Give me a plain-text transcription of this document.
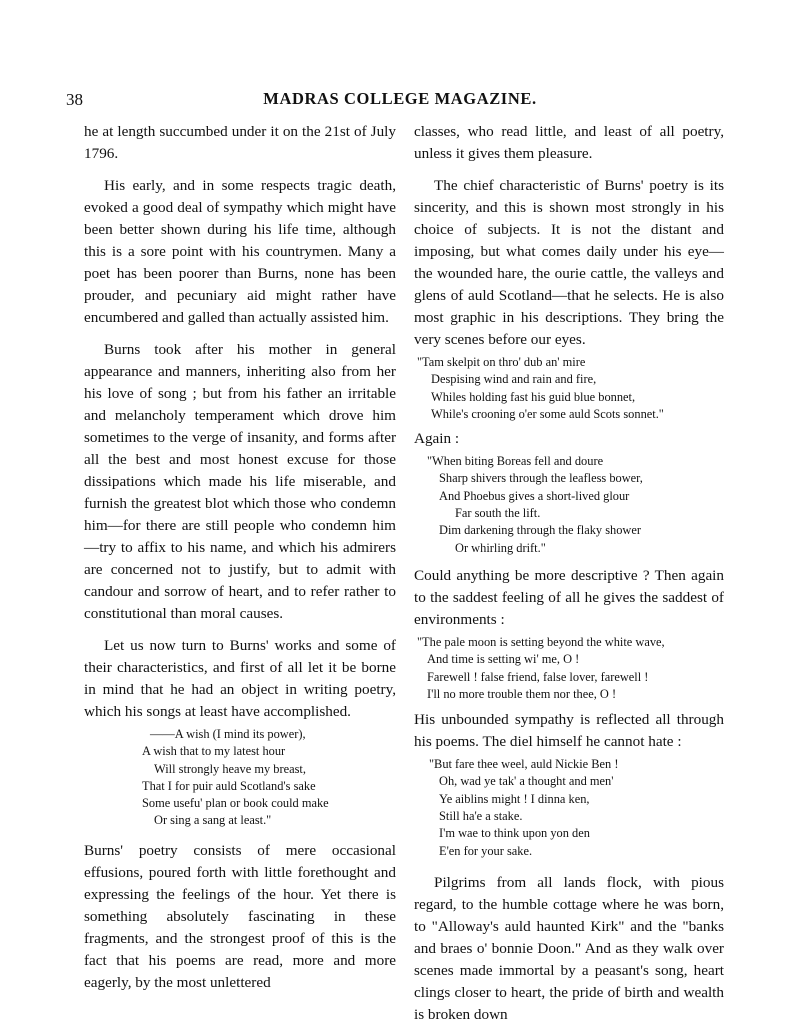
38	MADRAS COLLEGE MAGAZINE.

he at length succumbed under it on the 21st of July 1796.

His early, and in some respects tragic death, evoked a good deal of sympathy which might have been better shown during his life time, although this is a sore point with his countrymen. Many a poet has been poorer than Burns, none has been prouder, and pecuniary aid might rather have encumbered and galled than actually assisted him.

Burns took after his mother in general appearance and manners, inheriting also from her his love of song ; but from his father an irritable and melancholy temperament which drove him sometimes to the verge of insanity, and forms after all the best and most honest excuse for those dissipations which made his life miserable, and furnish the greatest blot which those who condemn him—for there are still people who condemn him—try to affix to his name, and which his admirers are concerned not to justify, but to admit with candour and sorrow of heart, and to refer rather to constitutional than moral causes.

Let us now turn to Burns' works and some of their characteristics, and first of all let it be borne in mind that he had an object in writing poetry, which his songs at least have accomplished.

——A wish (I mind its power),
A wish that to my latest hour
Will strongly heave my breast,
That I for puir auld Scotland's sake
Some usefu' plan or book could make
Or sing a sang at least."

Burns' poetry consists of mere occasional effusions, poured forth with little forethought and expressing the feelings of the hour. Yet there is something absolutely fascinating in these fragments, and the strongest proof of this is the fact that his poems are read, more and more eagerly, by the most unlettered

classes, who read little, and least of all poetry, unless it gives them pleasure.

The chief characteristic of Burns' poetry is its sincerity, and this is shown most strongly in his choice of subjects. It is not the distant and imposing, but what comes daily under his eye—the wounded hare, the ourie cattle, the valleys and glens of auld Scotland—that he selects. He is also most graphic in his descriptions. They bring the very scenes before our eyes.

"Tam skelpit on thro' dub an' mire
Despising wind and rain and fire,
Whiles holding fast his guid blue bonnet,
While's crooning o'er some auld Scots sonnet."
Again :
"When biting Boreas fell and doure
Sharp shivers through the leafless bower,
And Phoebus gives a short-lived glour
Far south the lift.
Dim darkening through the flaky shower
Or whirling drift."

Could anything be more descriptive ? Then again to the saddest feeling of all he gives the saddest of environments :

"The pale moon is setting beyond the white wave,
And time is setting wi' me, O !
Farewell ! false friend, false lover, farewell !
I'll no more trouble them nor thee, O !

His unbounded sympathy is reflected all through his poems. The diel himself he cannot hate :

"But fare thee weel, auld Nickie Ben !
Oh, wad ye tak' a thought and men'
Ye aiblins might ! I dinna ken,
Still ha'e a stake.
I'm wae to think upon yon den
E'en for your sake.

Pilgrims from all lands flock, with pious regard, to the humble cottage where he was born, to "Alloway's auld haunted Kirk" and the "banks and braes o' bonnie Doon." And as they walk over scenes made immortal by a peasant's song, heart clings closer to heart, the pride of birth and wealth is broken down
